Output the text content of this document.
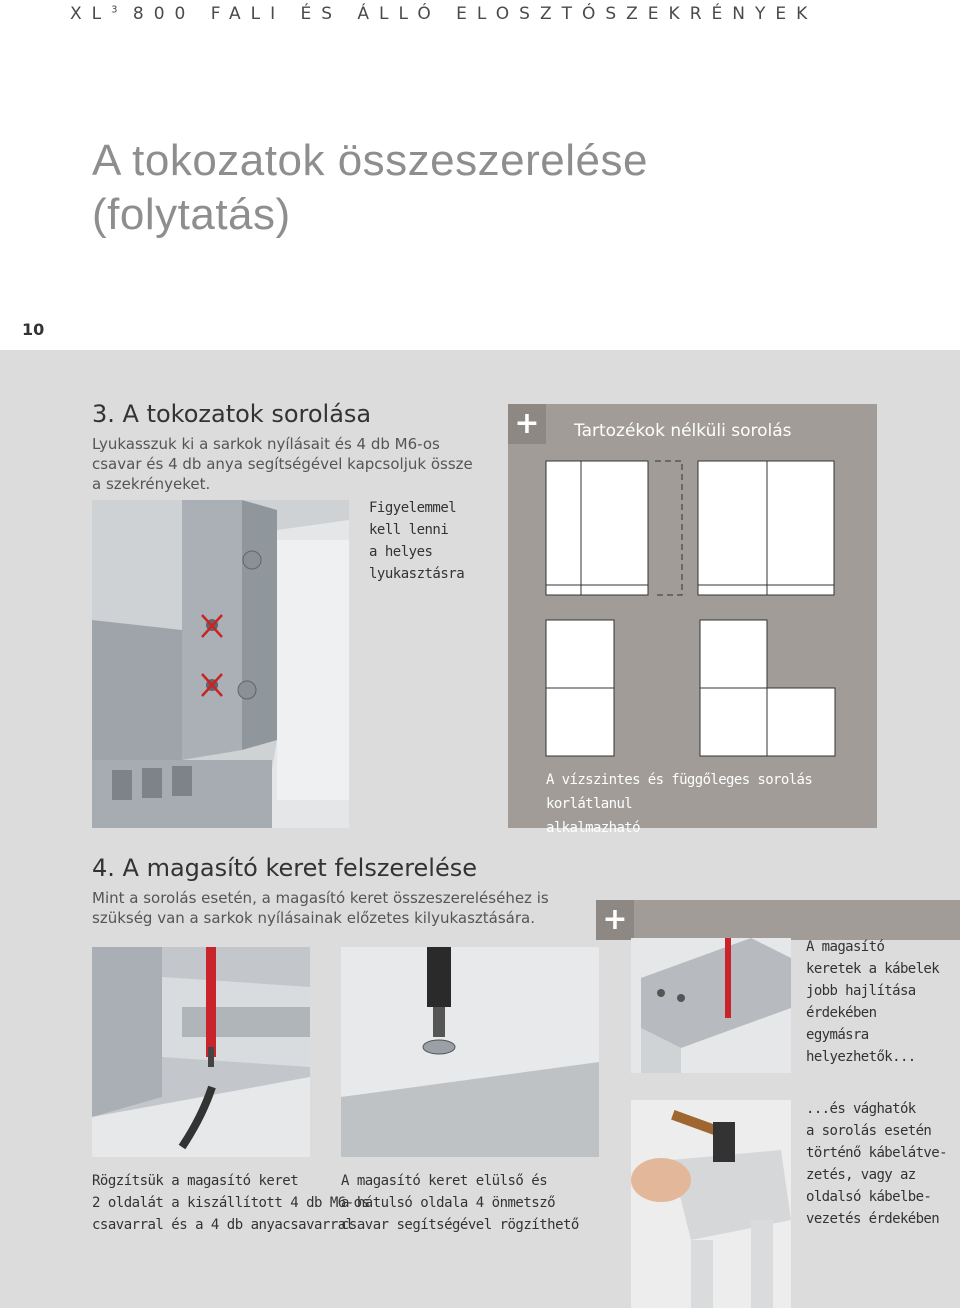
$XL^3$ 800 FALI ÉS ÁLLÓ ELOSZTÓSZEKRÉNYEK
A tokozatok összeszerelése
(folytatás)
10
3. A tokozatok sorolása
Lyukasszuk ki a sarkok nyílásait és 4 db M6-os
csavar és 4 db anya segítségével kapcsoljuk össze
a szekrényeket.
Figyelemmel
kell lenni
a helyes
lyukasztásra
+	Tartozékok nélküli sorolás
A vízszintes és függőleges sorolás korlátlanul
alkalmazható
4. A magasító keret felszerelése
Mint a sorolás esetén, a magasító keret összeszereléséhez is
szükség van a sarkok nyílásainak előzetes kilyukasztására.
Rögzítsük a magasító keret
2 oldalát a kiszállított 4 db M6-os
csavarral és a 4 db anyacsavarral
A magasító keret elülső és
a hátulsó oldala 4 önmetsző
csavar segítségével rögzíthető
+
A magasító
keretek a kábelek
jobb hajlítása
érdekében
egymásra
helyezhetők...
...és vághatók
a sorolás esetén
történő kábelátve-
zetés, vagy az
oldalsó kábelbe-
vezetés érdekében
